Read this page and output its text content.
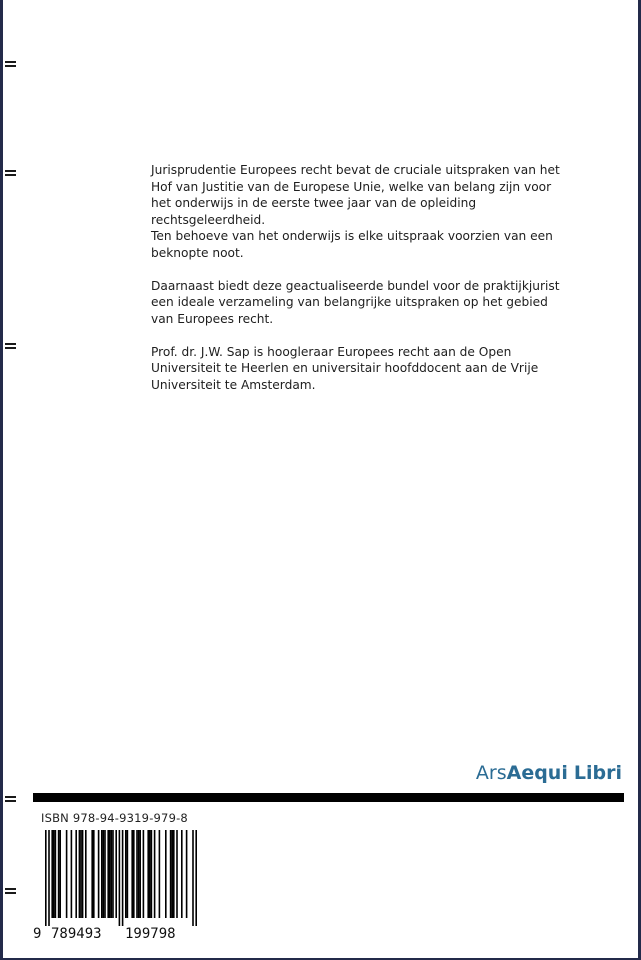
Jurisprudentie Europees recht bevat de cruciale uitspraken van het
Hof van Justitie van de Europese Unie, welke van belang zijn voor
het onderwijs in de eerste twee jaar van de opleiding
rechtsgeleerdheid.
Ten behoeve van het onderwijs is elke uitspraak voorzien van een
beknopte noot.

Daarnaast biedt deze geactualiseerde bundel voor de praktijkjurist
een ideale verzameling van belangrijke uitspraken op het gebied
van Europees recht.

Prof. dr. J.W. Sap is hoogleraar Europees recht aan de Open
Universiteit te Heerlen en universitair hoofddocent aan de Vrije
Universiteit te Amsterdam.

ArsAequi Libri
ISBN 978-94-9319-979-8
9 789493 199798
